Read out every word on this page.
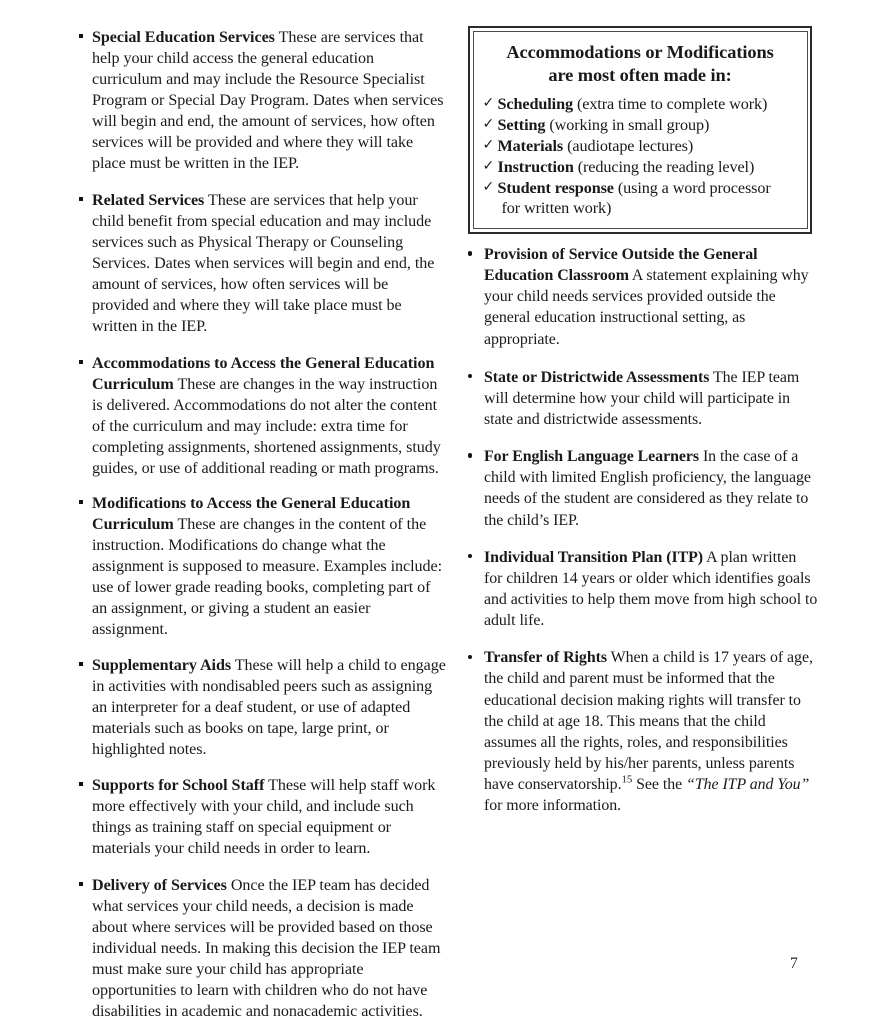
Special Education Services These are services that help your child access the general education curriculum and may include the Resource Specialist Program or Special Day Program. Dates when services will begin and end, the amount of services, how often services will be provided and where they will take place must be written in the IEP.
Related Services These are services that help your child benefit from special education and may include services such as Physical Therapy or Counseling Services. Dates when services will begin and end, the amount of services, how often services will be provided and where they will take place must be written in the IEP.
Accommodations to Access the General Education Curriculum These are changes in the way instruction is delivered. Accommodations do not alter the content of the curriculum and may include: extra time for completing assignments, shortened assignments, study guides, or use of additional reading or math programs.
Modifications to Access the General Education Curriculum These are changes in the content of the instruction. Modifications do change what the assignment is supposed to measure. Examples include: use of lower grade reading books, completing part of an assignment, or giving a student an easier assignment.
Supplementary Aids These will help a child to engage in activities with nondisabled peers such as assigning an interpreter for a deaf student, or use of adapted materials such as books on tape, large print, or highlighted notes.
Supports for School Staff These will help staff work more effectively with your child, and include such things as training staff on special equipment or materials your child needs in order to learn.
Delivery of Services Once the IEP team has decided what services your child needs, a decision is made about where services will be provided based on those individual needs. In making this decision the IEP team must make sure your child has appropriate opportunities to learn with children who do not have disabilities in academic and nonacademic activities.
Accommodations or Modifications
are most often made in:
✓ Scheduling (extra time to complete work)
✓ Setting (working in small group)
✓ Materials (audiotape lectures)
✓ Instruction (reducing the reading level)
✓ Student response (using a word processor
for written work)
Provision of Service Outside the General Education Classroom A statement explaining why your child needs services provided outside the general education instructional setting, as appropriate.
State or Districtwide Assessments The IEP team will determine how your child will participate in state and districtwide assessments.
For English Language Learners In the case of a child with limited English proficiency, the language needs of the student are considered as they relate to the child’s IEP.
Individual Transition Plan (ITP) A plan written for children 14 years or older which identifies goals and activities to help them move from high school to adult life.
Transfer of Rights When a child is 17 years of age, the child and parent must be informed that the educational decision making rights will transfer to the child at age 18. This means that the child assumes all the rights, roles, and responsibilities previously held by his/her parents, unless parents have conservatorship.$^{15}$ See the “The ITP and You” for more information.
7
